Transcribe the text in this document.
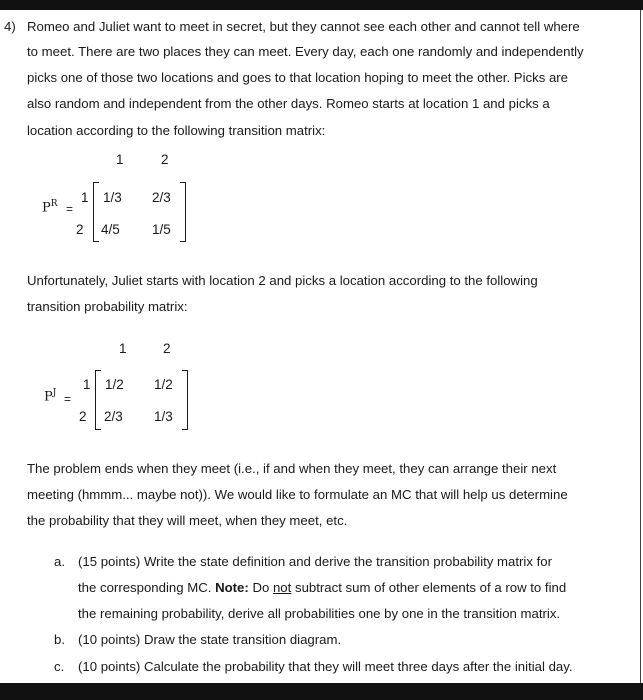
4) Romeo and Juliet want to meet in secret, but they cannot see each other and cannot tell where
to meet. There are two places they can meet. Every day, each one randomly and independently
picks one of those two locations and goes to that location hoping to meet the other. Picks are
also random and independent from the other days. Romeo starts at location 1 and picks a
location according to the following transition matrix:
1	2
$P^R$ =
1
2
1/3 2/3
4/5 1/5
Unfortunately, Juliet starts with location 2 and picks a location according to the following
transition probability matrix:
1	2
$P^J$ =
1
2
1/2 1/2
2/3 1/3
The problem ends when they meet (i.e., if and when they meet, they can arrange their next
meeting (hmmm... maybe not)). We would like to formulate an MC that will help us determine
the probability that they will meet, when they meet, etc.
a. (15 points) Write the state definition and derive the transition probability matrix for
the corresponding MC. Note: Do not subtract sum of other elements of a row to find
the remaining probability, derive all probabilities one by one in the transition matrix.
b. (10 points) Draw the state transition diagram.
c. (10 points) Calculate the probability that they will meet three days after the initial day.
